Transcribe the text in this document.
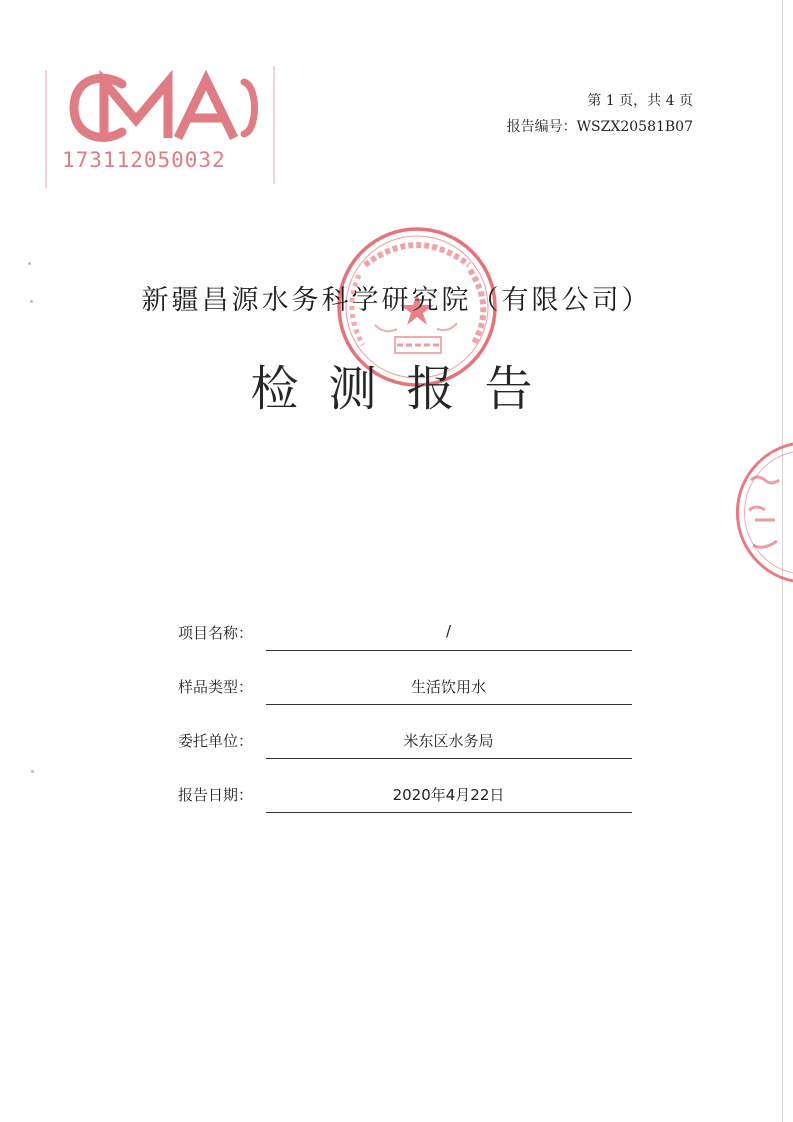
173112050032
第 1 页，共 4 页
报告编号：WSZX20581B07
新疆昌源水务科学研究院（有限公司）
检测报告
项目名称：	/
样品类型：	生活饮用水
委托单位：	米东区水务局
报告日期：	2020年4月22日
